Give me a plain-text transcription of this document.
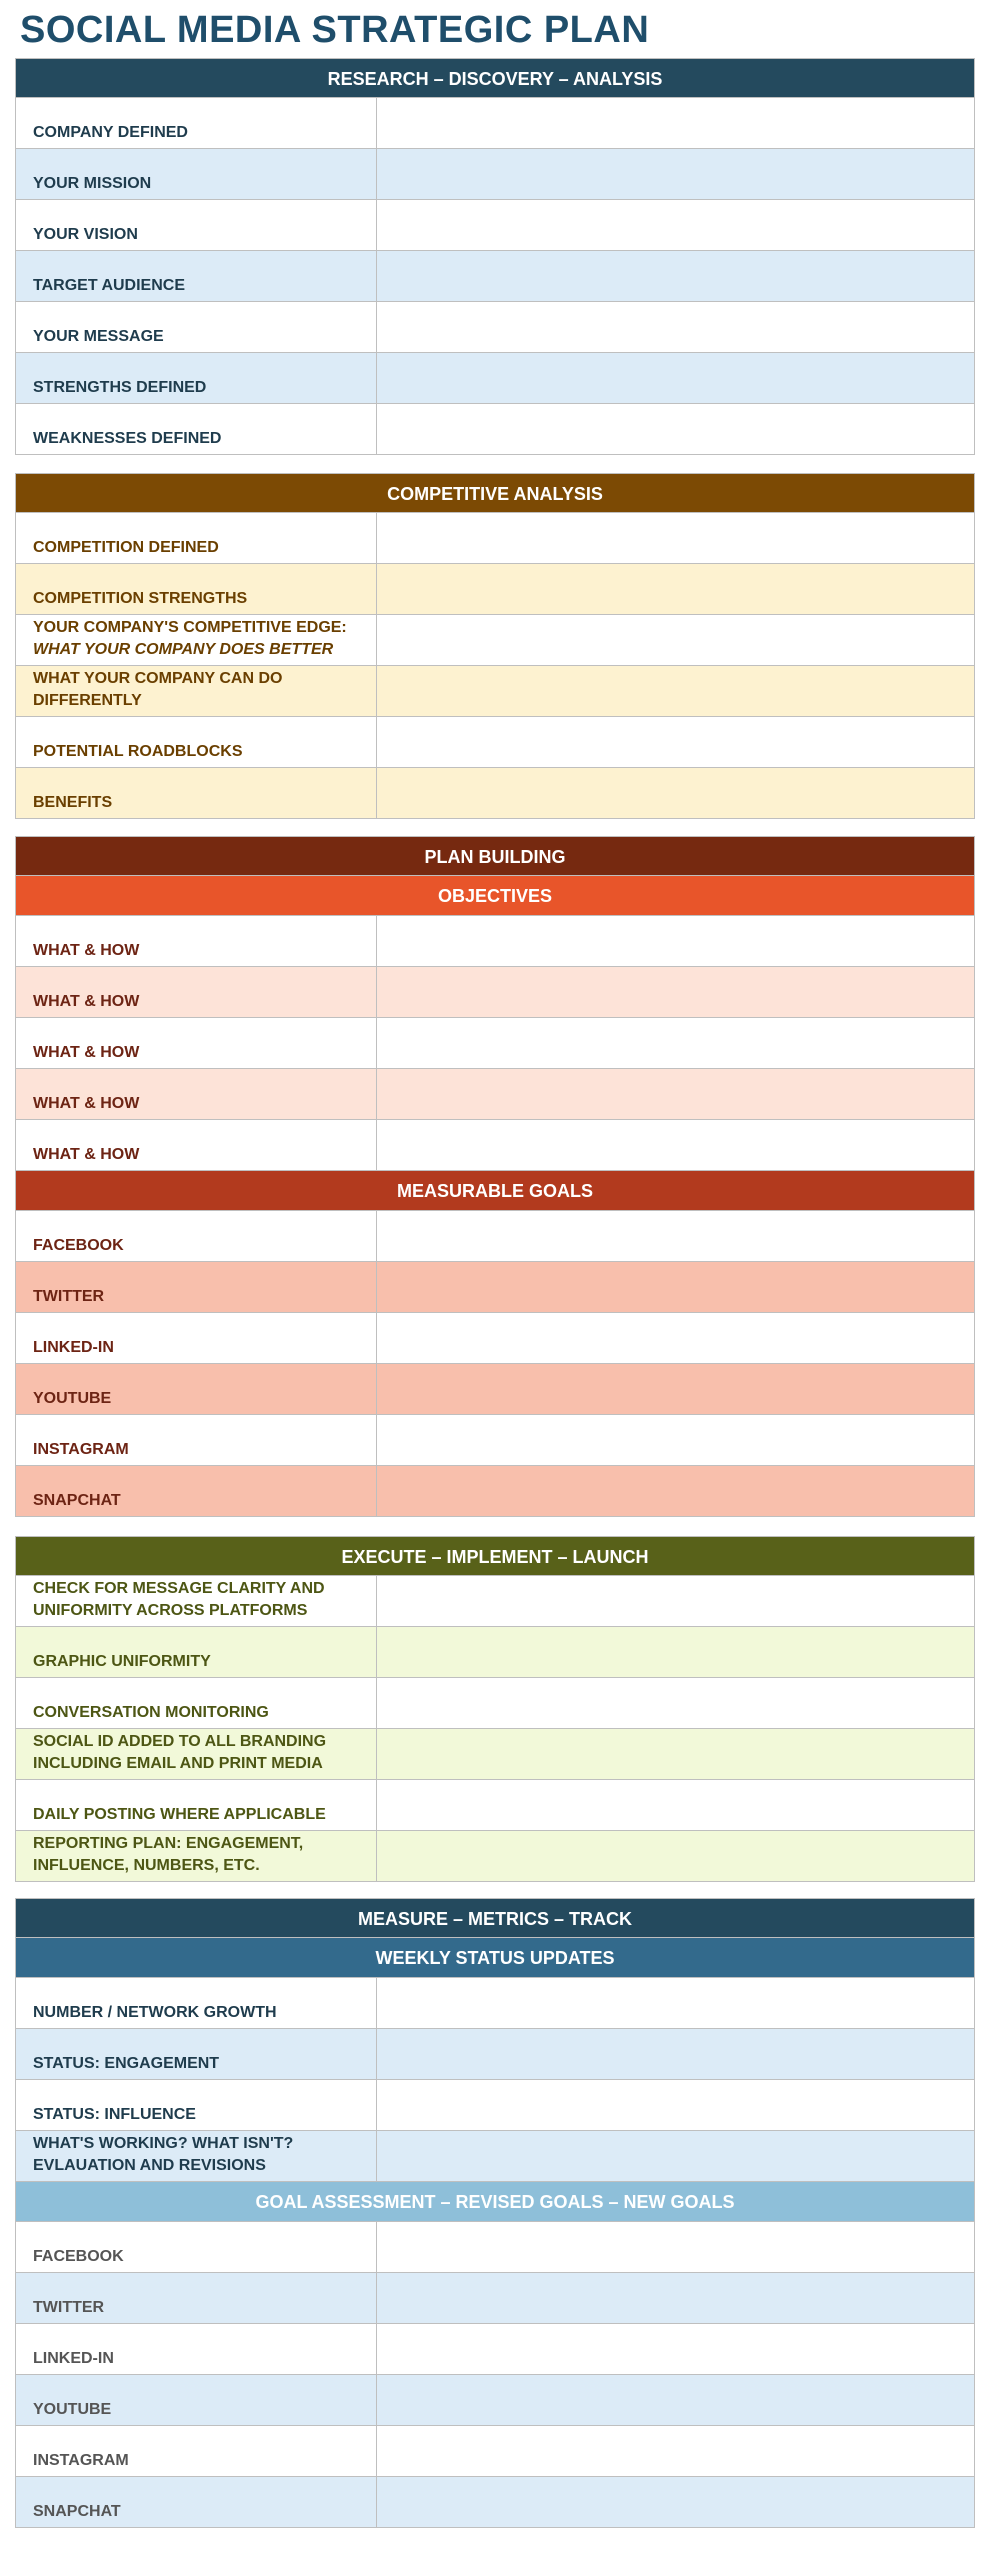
SOCIAL MEDIA STRATEGIC PLAN
RESEARCH – DISCOVERY – ANALYSIS
COMPANY DEFINED
YOUR MISSION
YOUR VISION
TARGET AUDIENCE
YOUR MESSAGE
STRENGTHS DEFINED
WEAKNESSES DEFINED
COMPETITIVE ANALYSIS
COMPETITION DEFINED
COMPETITION STRENGTHS
YOUR COMPANY'S COMPETITIVE EDGE:
WHAT YOUR COMPANY DOES BETTER
WHAT YOUR COMPANY CAN DO DIFFERENTLY
POTENTIAL ROADBLOCKS
BENEFITS
PLAN BUILDING
OBJECTIVES
WHAT & HOW
WHAT & HOW
WHAT & HOW
WHAT & HOW
WHAT & HOW
MEASURABLE GOALS
FACEBOOK
TWITTER
LINKED-IN
YOUTUBE
INSTAGRAM
SNAPCHAT
EXECUTE – IMPLEMENT – LAUNCH
CHECK FOR MESSAGE CLARITY AND UNIFORMITY ACROSS PLATFORMS
GRAPHIC UNIFORMITY
CONVERSATION MONITORING
SOCIAL ID ADDED TO ALL BRANDING INCLUDING EMAIL AND PRINT MEDIA
DAILY POSTING WHERE APPLICABLE
REPORTING PLAN: ENGAGEMENT, INFLUENCE, NUMBERS, ETC.
MEASURE – METRICS – TRACK
WEEKLY STATUS UPDATES
NUMBER / NETWORK GROWTH
STATUS: ENGAGEMENT
STATUS: INFLUENCE
WHAT'S WORKING? WHAT ISN'T? EVLAUATION AND REVISIONS
GOAL ASSESSMENT – REVISED GOALS – NEW GOALS
FACEBOOK
TWITTER
LINKED-IN
YOUTUBE
INSTAGRAM
SNAPCHAT
